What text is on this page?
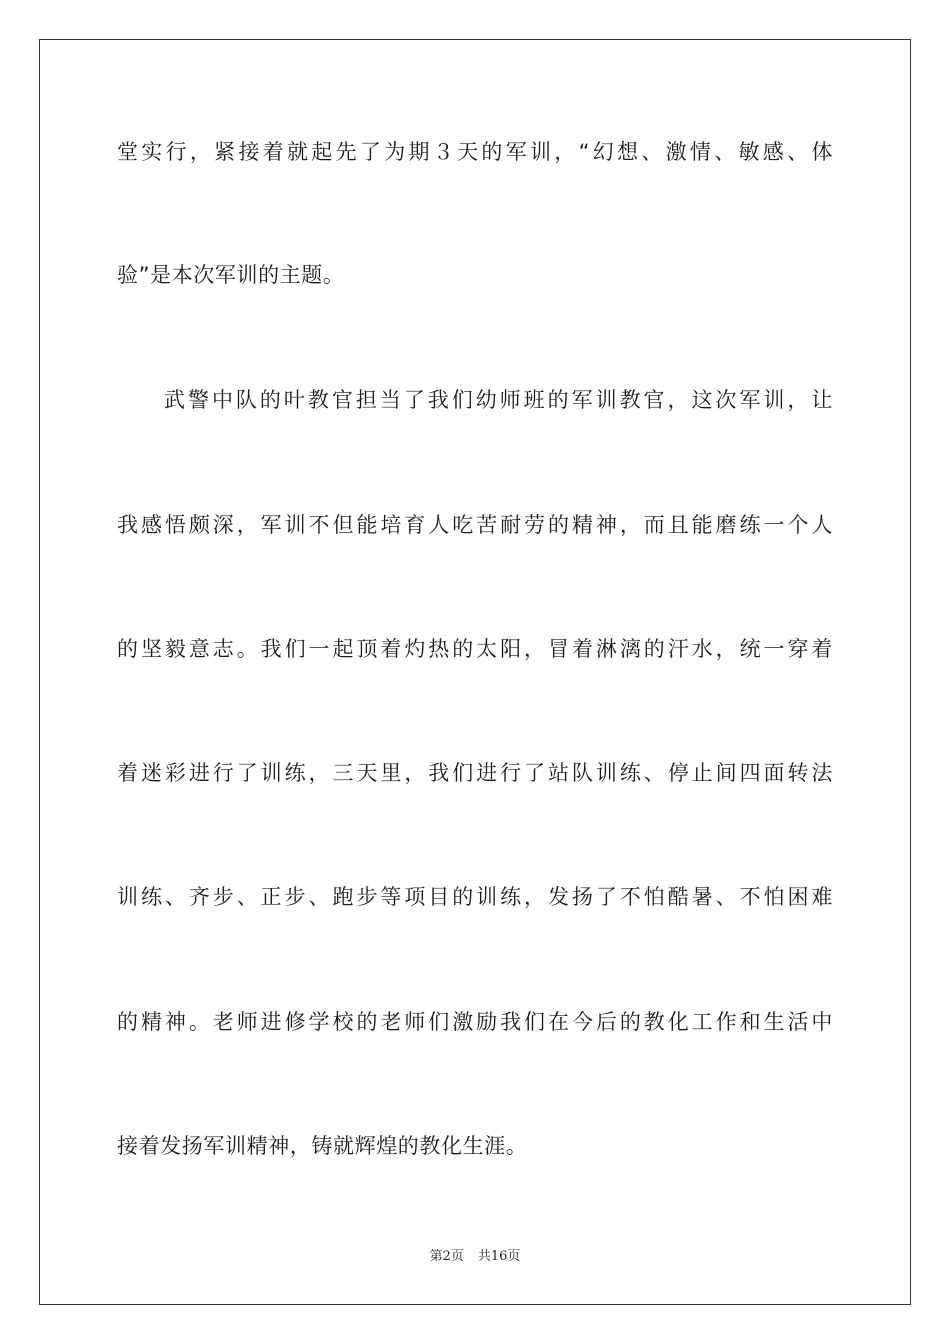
堂实行，紧接着就起先了为期３天的军训，“幻想、激情、敏感、体
验”是本次军训的主题。
武警中队的叶教官担当了我们幼师班的军训教官，这次军训，让
我感悟颇深，军训不但能培育人吃苦耐劳的精神，而且能磨练一个人
的坚毅意志。我们一起顶着灼热的太阳，冒着淋漓的汗水，统一穿着
着迷彩进行了训练，三天里，我们进行了站队训练、停止间四面转法
训练、齐步、正步、跑步等项目的训练，发扬了不怕酷暑、不怕困难
的精神。老师进修学校的老师们激励我们在今后的教化工作和生活中
接着发扬军训精神，铸就辉煌的教化生涯。
第2页 共16页
